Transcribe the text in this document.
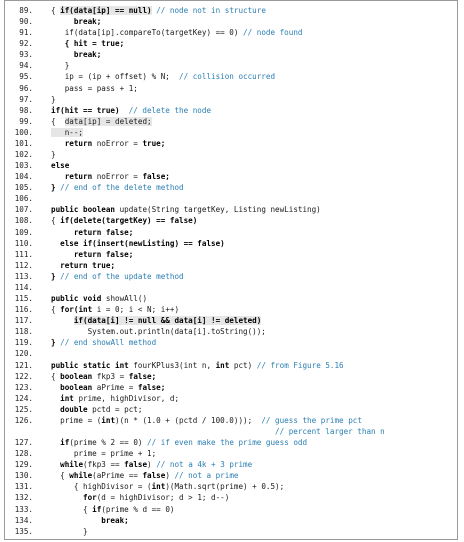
89. { if(data[ip] == null) // node not in structure
90. break;
91. if(data[ip].compareTo(targetKey) == 0) // node found
92. { hit = true;
93. break;
94. }
95. ip = (ip + offset) % N;  // collision occurred
96. pass = pass + 1;
97. }
98. if(hit == true)  // delete the node
99. {  data[ip] = deleted;
100. n--;
101.	return noError = true;
102. }
103. else
104.	return noError = false;
105. } // end of the delete method
106.
107. public boolean update(String targetKey, Listing newListing)
108. { if(delete(targetKey) == false)
109. return false;
110.	else if(insert(newListing) == false)
111. return false;
112.	return true;
113. } // end of the update method
114.
115. public void showAll()
116. { for(int i = 0; i < N; i++)
117.	if(data[i] != null && data[i] != deleted)
118. System.out.println(data[i].toString());
119. } // end showAll method
120.
121. public static int fourKPlus3(int n, int pct) // from Figure 5.16
122. { boolean fkp3 = false;
123.	boolean aPrime = false;
124.	int prime, highDivisor, d;
125.	double pctd = pct;
126. prime = (int)(n * (1.0 + (pctd / 100.0)));  // guess the prime pct
// percent larger than n
127.	if(prime % 2 == 0) // if even make the prime guess odd
128. prime = prime + 1;
129.	while(fkp3 == false) // not a 4k + 3 prime
130. { while(aPrime == false) // not a prime
131. { highDivisor = (int)(Math.sqrt(prime) + 0.5);
132.	for(d = highDivisor; d > 1; d--)
133. { if(prime % d == 0)
134. break;
135. }
